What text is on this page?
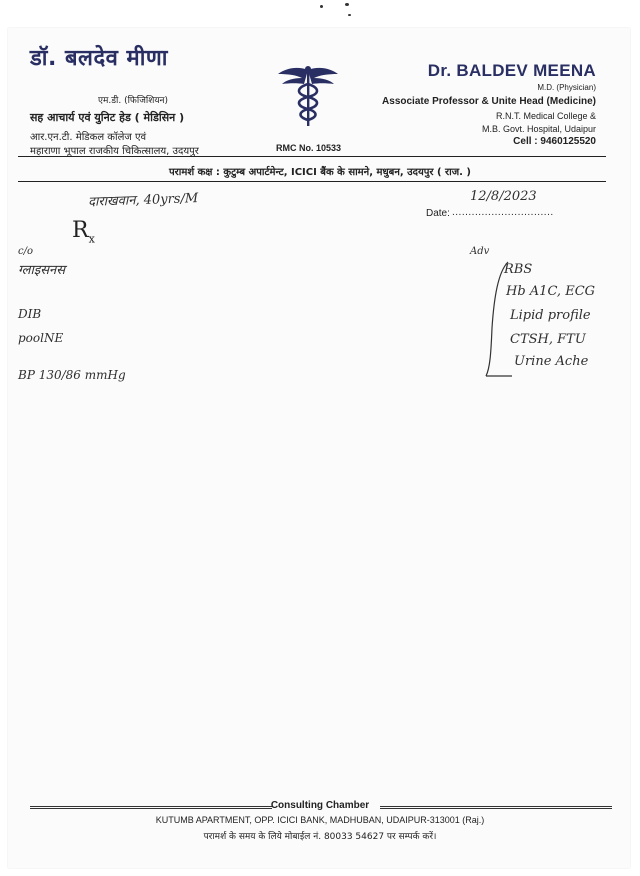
डॉ. बलदेव मीणा
एम.डी. (फिजिशियन)
सह आचार्य एवं युनिट हेड ( मेडिसिन )
आर.एन.टी. मेडिकल कॉलेज एवं
महाराणा भूपाल राजकीय चिकित्सालय, उदयपुर	RMC No. 10533
Dr. BALDEV MEENA
M.D. (Physician)
Associate Professor & Unite Head (Medicine)
R.N.T. Medical College &
M.B. Govt. Hospital, Udaipur
Cell : 9460125520
परामर्श कक्ष : कुटुम्ब अपार्टमेन्ट, ICICI बैंक के सामने, मधुबन, उदयपुर ( राज. )
दाराखवान, 40yrs/M	12/8/2023
Date: ...............................
$R_x$
c/o
ग्लाइसनस
DIB
poolNE
BP 130/86 mmHg
Adv
RBS
Hb A1C, ECG
Lipid profile
CTSH, FTU
Urine Ache
Consulting Chamber
KUTUMB APARTMENT, OPP. ICICI BANK, MADHUBAN, UDAIPUR-313001 (Raj.)
परामर्श के समय के लिये मोबाईल नं. 80033 54627 पर सम्पर्क करें।
